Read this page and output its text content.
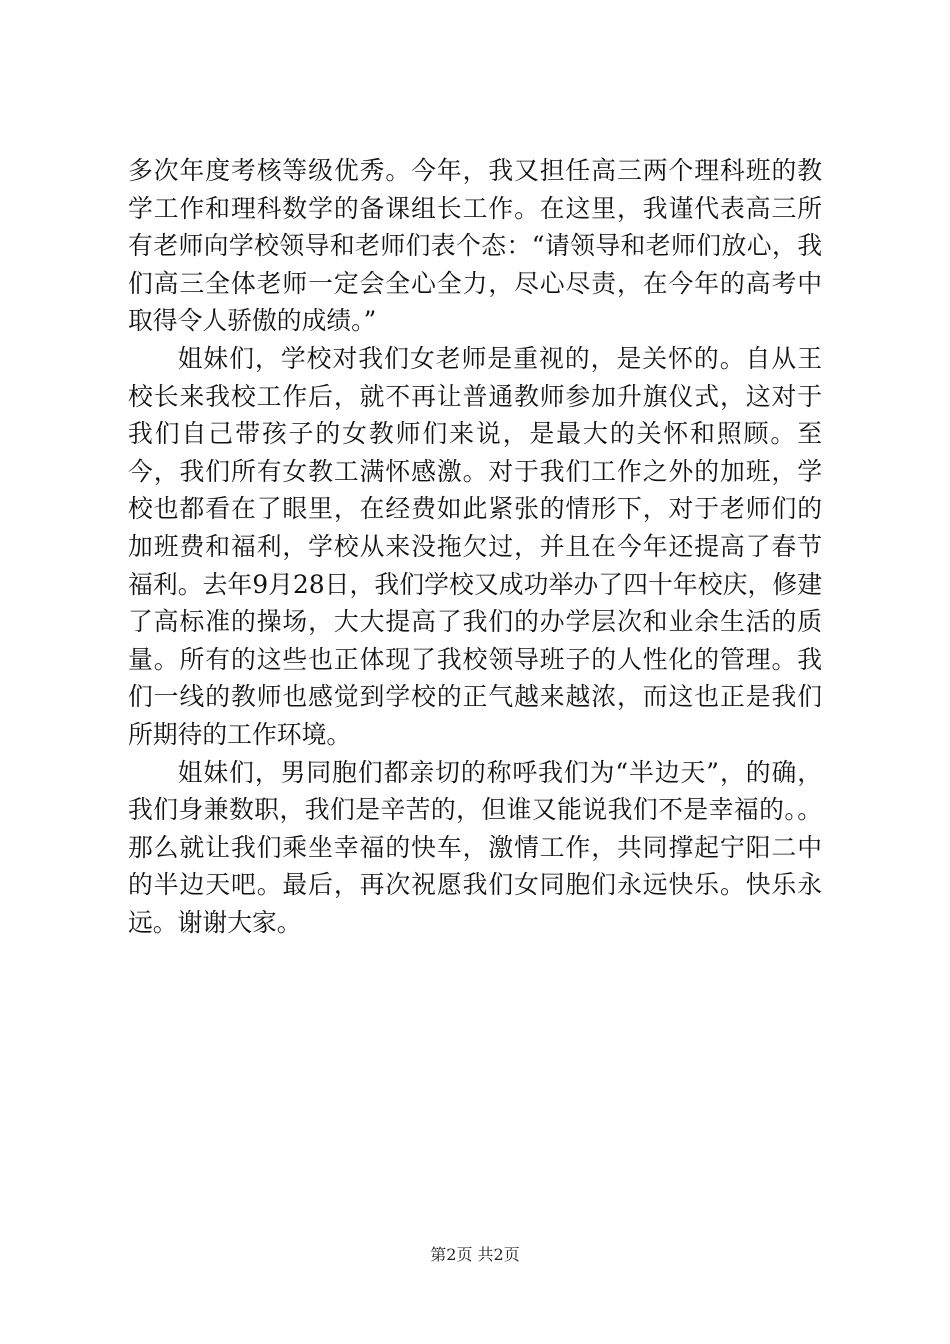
多次年度考核等级优秀。今年，我又担任高三两个理科班的教学工作和理科数学的备课组长工作。在这里，我谨代表高三所有老师向学校领导和老师们表个态：“请领导和老师们放心，我们高三全体老师一定会全心全力，尽心尽责，在今年的高考中取得令人骄傲的成绩。”

姐妹们，学校对我们女老师是重视的，是关怀的。自从王校长来我校工作后，就不再让普通教师参加升旗仪式，这对于我们自己带孩子的女教师们来说，是最大的关怀和照顾。至今，我们所有女教工满怀感激。对于我们工作之外的加班，学校也都看在了眼里，在经费如此紧张的情形下，对于老师们的加班费和福利，学校从来没拖欠过，并且在今年还提高了春节福利。去年9月28日，我们学校又成功举办了四十年校庆，修建了高标准的操场，大大提高了我们的办学层次和业余生活的质量。所有的这些也正体现了我校领导班子的人性化的管理。我们一线的教师也感觉到学校的正气越来越浓，而这也正是我们所期待的工作环境。

姐妹们，男同胞们都亲切的称呼我们为“半边天”，的确，我们身兼数职，我们是辛苦的，但谁又能说我们不是幸福的。。那么就让我们乘坐幸福的快车，激情工作，共同撑起宁阳二中的半边天吧。最后，再次祝愿我们女同胞们永远快乐。快乐永远。谢谢大家。

第2页 共2页
